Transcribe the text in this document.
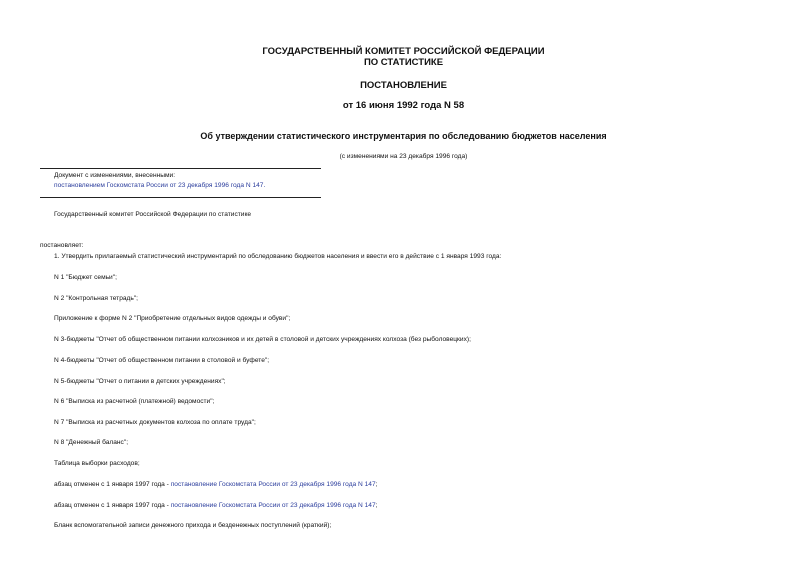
ГОСУДАРСТВЕННЫЙ КОМИТЕТ РОССИЙСКОЙ ФЕДЕРАЦИИ
ПО СТАТИСТИКЕ
ПОСТАНОВЛЕНИЕ
от 16 июня 1992 года N 58
Об утверждении статистического инструментария по обследованию бюджетов населения
(с изменениями на 23 декабря 1996 года)
Документ с изменениями, внесенными:
постановлением Госкомстата России от 23 декабря 1996 года N 147.
Государственный комитет Российской Федерации по статистике
постановляет:
1. Утвердить прилагаемый статистический инструментарий по обследованию бюджетов населения и ввести его в действие с 1 января 1993 года:
N 1 "Бюджет семьи";
N 2 "Контрольная тетрадь";
Приложение к форме N 2 "Приобретение отдельных видов одежды и обуви";
N 3-бюджеты "Отчет об общественном питании колхозников и их детей в столовой и детских учреждениях колхоза (без рыболовецких);
N 4-бюджеты "Отчет об общественном питании в столовой и буфете";
N 5-бюджеты "Отчет о питании в детских учреждениях";
N 6 "Выписка из расчетной (платежной) ведомости";
N 7 "Выписка из расчетных документов колхоза по оплате труда";
N 8 "Денежный баланс";
Таблица выборки расходов;
абзац отменен с 1 января 1997 года - постановление Госкомстата России от 23 декабря 1996 года N 147;
абзац отменен с 1 января 1997 года - постановление Госкомстата России от 23 декабря 1996 года N 147;
Бланк вспомогательной записи денежного прихода и безденежных поступлений (краткий);
